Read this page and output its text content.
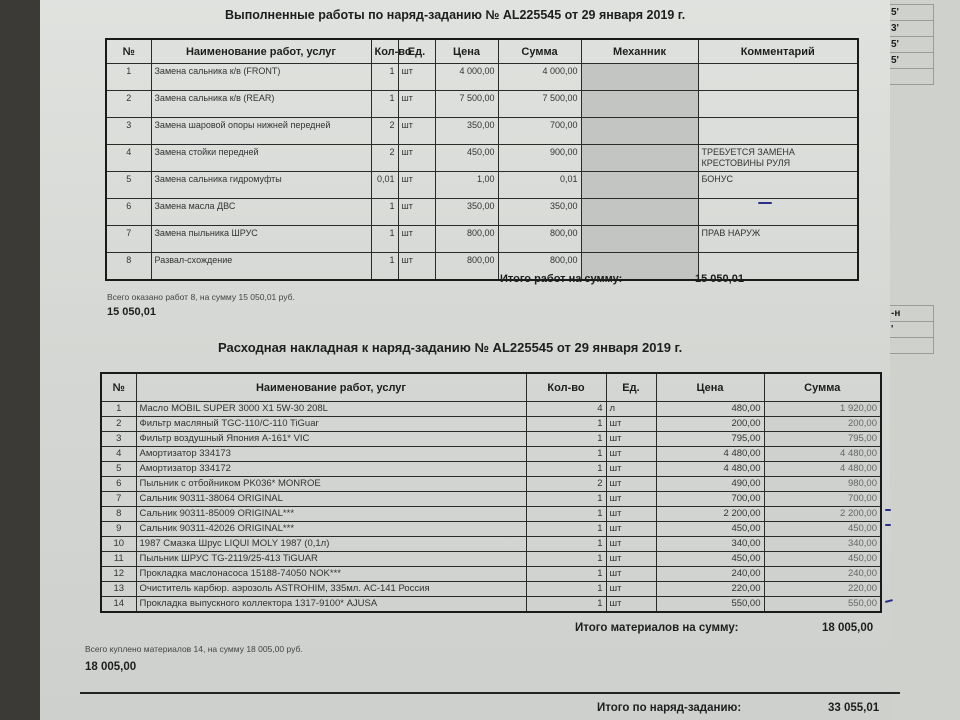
5'
3'
5'
5'
-н
'
Выполненные работы по наряд-заданию № AL225545 от 29 января 2019 г.
№	Наименование работ, услуг	Кол-во	Ед.	Цена	Сумма	Механник	Комментарий
1	Замена сальника к/в (FRONT)	1	шт	4 000,00	4 000,00		
2	Замена сальника к/в (REAR)	1	шт	7 500,00	7 500,00		
3	Замена шаровой опоры нижней передней	2	шт	350,00	700,00		
4	Замена стойки передней	2	шт	450,00	900,00		ТРЕБУЕТСЯ ЗАМЕНА КРЕСТОВИНЫ РУЛЯ
5	Замена сальника гидромуфты	0,01	шт	1,00	0,01		БОНУС
6	Замена масла ДВС	1	шт	350,00	350,00		
7	Замена пыльника ШРУС	1	шт	800,00	800,00		ПРАВ НАРУЖ
8	Развал-схождение	1	шт	800,00	800,00		
Итого работ на сумму:	15 050,01
Всего оказано работ 8, на сумму 15 050,01 руб.
15 050,01
Расходная накладная к наряд-заданию № AL225545 от 29 января 2019 г.
№	Наименование работ, услуг	Кол-во	Ед.	Цена	Сумма
1	Масло MOBIL SUPER 3000 X1 5W-30 208L	4	л	480,00	1 920,00
2	Фильтр масляный TGC-110/C-110 TiGuar	1	шт	200,00	200,00
3	Фильтр воздушный Япония A-161* VIC	1	шт	795,00	795,00
4	Амортизатор 334173	1	шт	4 480,00	4 480,00
5	Амортизатор 334172	1	шт	4 480,00	4 480,00
6	Пыльник с отбойником PK036* MONROE	2	шт	490,00	980,00
7	Сальник 90311-38064 ORIGINAL	1	шт	700,00	700,00
8	Сальник 90311-85009 ORIGINAL***	1	шт	2 200,00	2 200,00
9	Сальник 90311-42026 ORIGINAL***	1	шт	450,00	450,00
10	1987 Смазка Шрус LIQUI MOLY 1987 (0,1л)	1	шт	340,00	340,00
11	Пыльник ШРУС TG-2119/25-413 TiGUAR	1	шт	450,00	450,00
12	Прокладка маслонасоса 15188-74050 NOK***	1	шт	240,00	240,00
13	Очиститель карбюр. аэрозоль ASTROHIM, 335мл. AC-141 Россия	1	шт	220,00	220,00
14	Прокладка выпускного коллектора 1317-9100* AJUSA	1	шт	550,00	550,00
Итого материалов на сумму:	18 005,00
Всего куплено материалов 14, на сумму 18 005,00 руб.
18 005,00
Итого по наряд-заданию:	33 055,01
